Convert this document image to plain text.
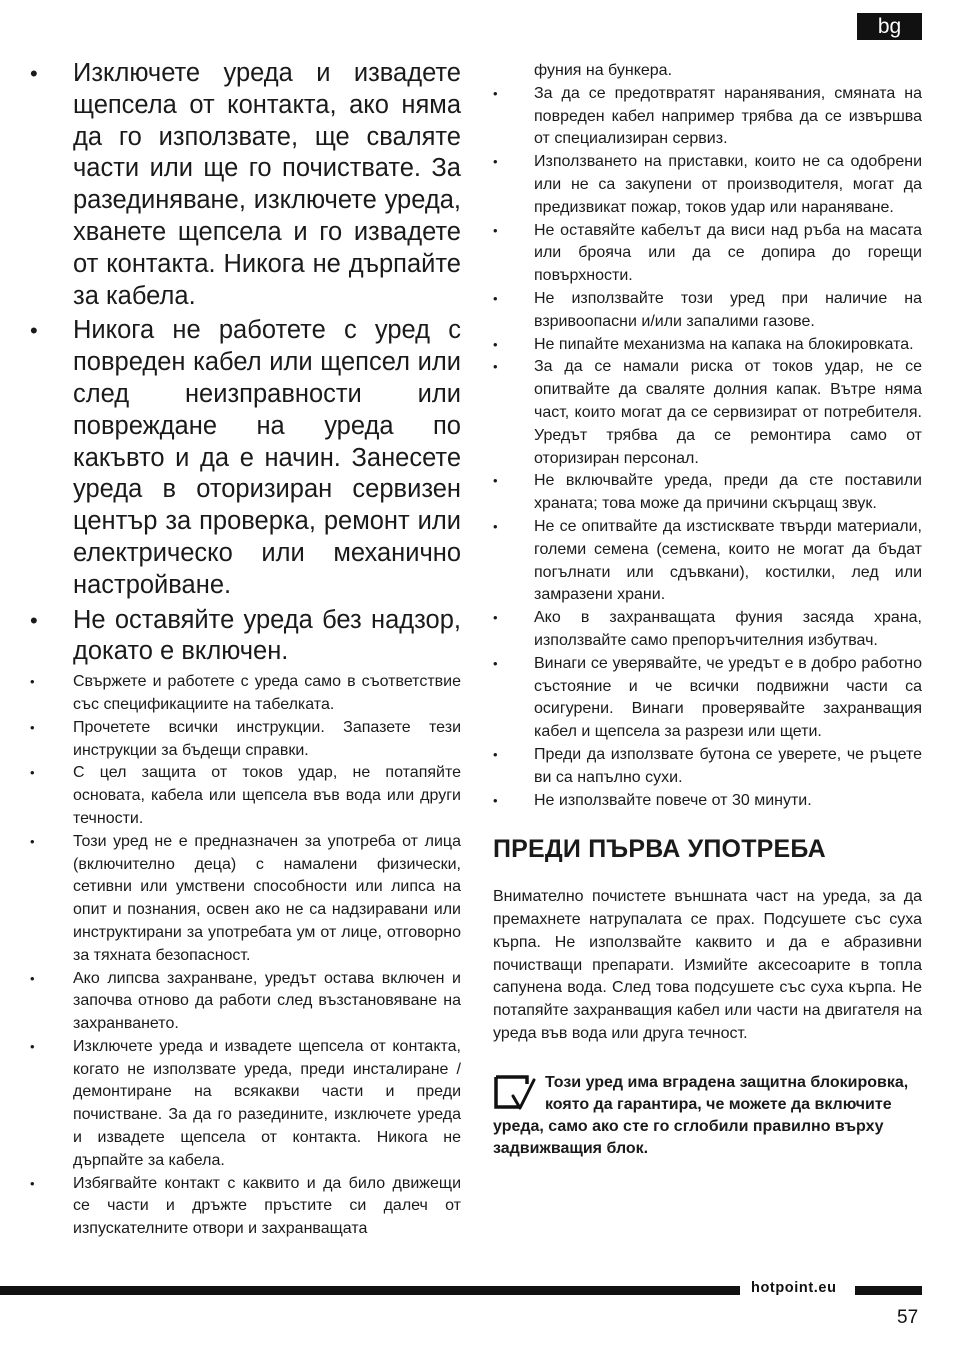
bg
• Изключете уреда и извадете щепсела от контакта, ако няма да го използвате, ще сваляте части или ще го почиствате. За разединяване, изключете уреда, хванете щепсела и го извадете от контакта. Никога не дърпайте за кабела.
• Никога не работете с уред с повреден кабел или щепсел или след неизправности или повреждане на уреда по какъвто и да е начин. Занесете уреда в оторизиран сервизен център за проверка, ремонт или електрическо или механично настройване.
• Не оставяйте уреда без надзор, докато е включен.
• Свържете и работете с уреда само в съответствие със спецификациите на табелката.
• Прочетете всички инструкции. Запазете тези инструкции за бъдещи справки.
• С цел защита от токов удар, не потапяйте основата, кабела или щепсела във вода или други течности.
• Този уред не е предназначен за употреба от лица (включително деца) с намалени физически, сетивни или умствени способности или липса на опит и познания, освен ако не са надзиравани или инструктирани за употребата ум от лице, отговорно за тяхната безопасност.
• Ако липсва захранване, уредът остава включен и започва отново да работи след възстановяване на захранването.
• Изключете уреда и извадете щепсела от контакта, когато не използвате уреда, преди инсталиране / демонтиране на всякакви части и преди почистване. За да го разедините, изключете уреда и извадете щепсела от контакта. Никога не дърпайте за кабела.
• Избягвайте контакт с каквито и да било движещи се части и дръжте пръстите си далеч от изпускателните отвори и захранващата

фуния на бункера.

• За да се предотвратят наранявания, смяната на повреден кабел например трябва да се извършва от специализиран сервиз.
• Използването на приставки, които не са одобрени или не са закупени от производителя, могат да предизвикат пожар, токов удар или нараняване.
• Не оставяйте кабелът да виси над ръба на масата или брояча или да се допира до горещи повърхности.
• Не използвайте този уред при наличие на взривоопасни и/или запалими газове.
• Не пипайте механизма на капака на блокировката.
• За да се намали риска от токов удар, не се опитвайте да сваляте долния капак. Вътре няма част, които могат да се сервизират от потребителя. Уредът трябва да се ремонтира само от оторизиран персонал.
• Не включвайте уреда, преди да сте поставили храната; това може да причини скърцащ звук.
• Не се опитвайте да изстисквате твърди материали, големи семена (семена, които не могат да бъдат погълнати или сдъвкани), костилки, лед или замразени храни.
• Ако в захранващата фуния засяда храна, използвайте само препоръчителния избутвач.
• Винаги се уверявайте, че уредът е в добро работно състояние и че всички подвижни части са осигурени. Винаги проверявайте захранващия кабел и щепсела за разрези или щети.
• Преди да използвате бутона се уверете, че ръцете ви са напълно сухи.
• Не използвайте повече от 30 минути.
ПРЕДИ ПЪРВА УПОТРЕБА

Внимателно почистете външната част на уреда, за да премахнете натрупалата се прах. Подсушете със суха кърпа. Не използвайте каквито и да е абразивни почистващи препарати. Измийте аксесоарите в топла сапунена вода. След това подсушете със суха кърпа. Не потапяйте захранващия кабел или части на двигателя на уреда във вода или друга течност.

Този уред има вградена защитна блокировка, която да гарантира, че можете да включите уреда, само ако сте го сглобили правилно върху задвижващия блок.
hotpoint.eu
57
